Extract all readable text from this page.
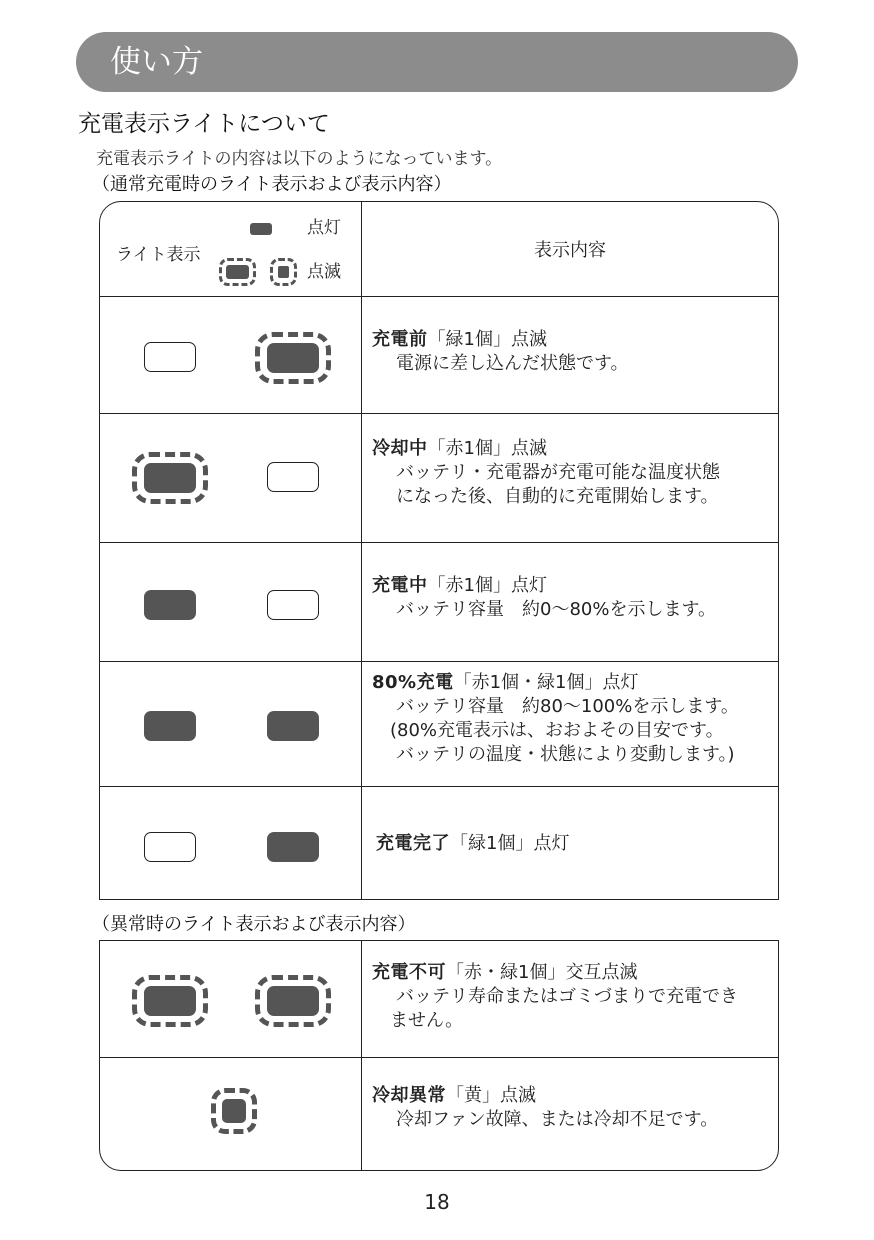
使い方
充電表示ライトについて
充電表示ライトの内容は以下のようになっています。
（通常充電時のライト表示および表示内容）
ライト表示
点灯
点滅
表示内容
充電前「緑1個」点滅
電源に差し込んだ状態です。
冷却中「赤1個」点滅
バッテリ・充電器が充電可能な温度状態
になった後、自動的に充電開始します。
充電中「赤1個」点灯
バッテリ容量　約0〜80%を示します。
80%充電「赤1個・緑1個」点灯
バッテリ容量　約80〜100%を示します。
(80%充電表示は、おおよその目安です。
バッテリの温度・状態により変動します。)
充電完了「緑1個」点灯
（異常時のライト表示および表示内容）
充電不可「赤・緑1個」交互点滅
バッテリ寿命またはゴミづまりで充電でき
ません。
冷却異常「黄」点滅
冷却ファン故障、または冷却不足です。
18
